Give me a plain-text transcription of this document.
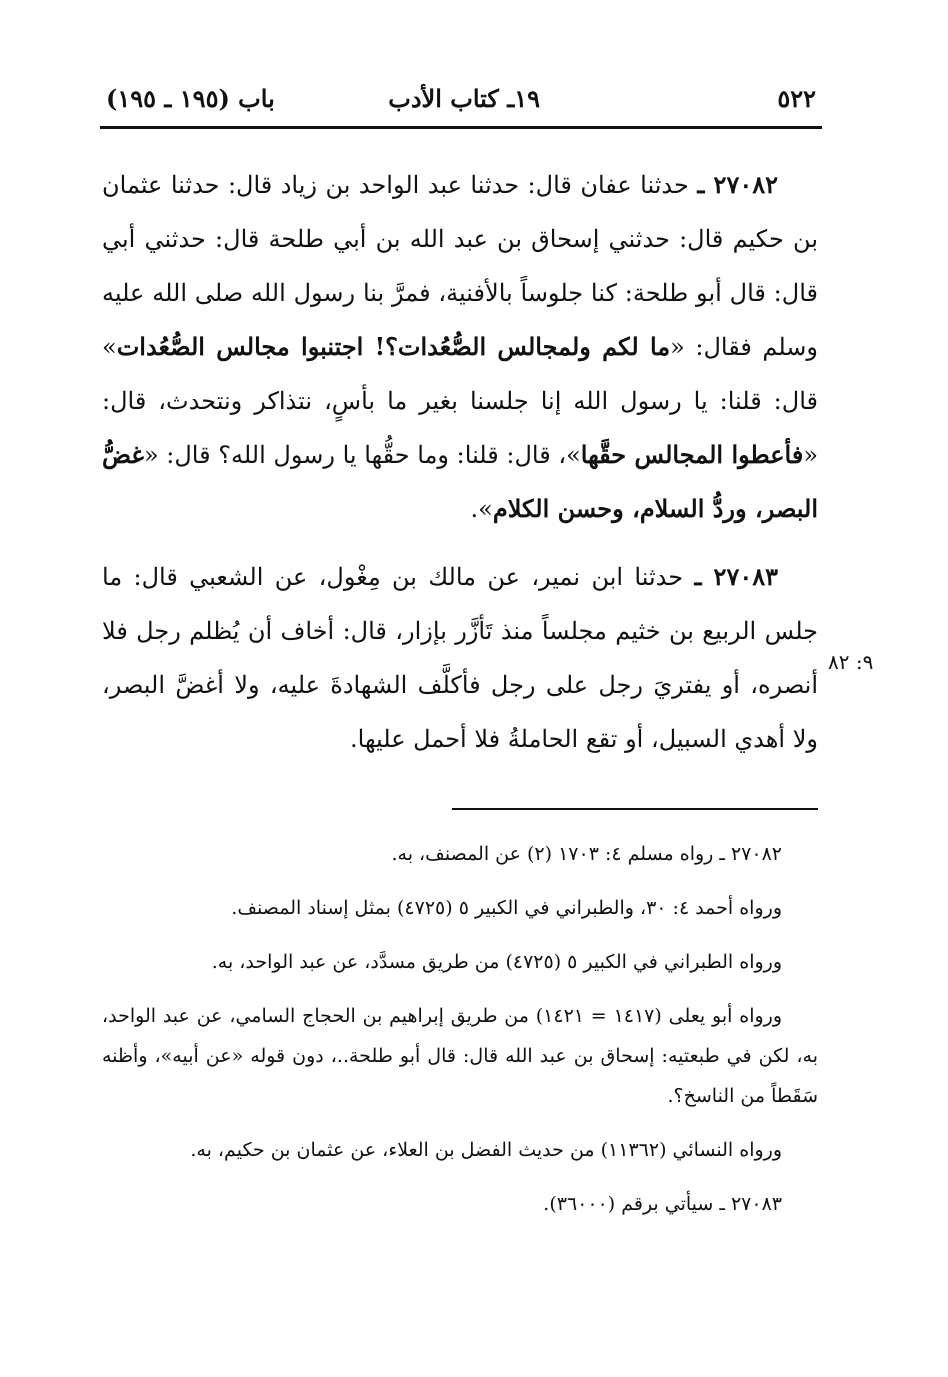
٥٢٢
١٩ـ كتاب الأدب
باب (١٩٥ ـ ١٩٥)

٢٧٠٨٢ ـ حدثنا عفان قال: حدثنا عبد الواحد بن زياد قال: حدثنا عثمان بن حكيم قال: حدثني إسحاق بن عبد الله بن أبي طلحة قال: حدثني أبي قال: قال أبو طلحة: كنا جلوساً بالأفنية، فمرَّ بنا رسول الله صلى الله عليه وسلم فقال: «ما لكم ولمجالس الصُّعُدات؟! اجتنبوا مجالس الصُّعُدات» قال: قلنا: يا رسول الله إنا جلسنا بغير ما بأسٍ، نتذاكر ونتحدث، قال: «فأعطوا المجالس حقَّها»، قال: قلنا: وما حقُّها يا رسول الله؟ قال: «غضُّ البصر، وردُّ السلام، وحسن الكلام».

٢٧٠٨٣ ـ حدثنا ابن نمير، عن مالك بن مِغْول، عن الشعبي قال: ما جلس الربيع بن خثيم مجلساً منذ تَأزَّر بإزار، قال: أخاف أن يُظلم رجل فلا أنصره، أو يفتريَ رجل على رجل فأكلَّف الشهادةَ عليه، ولا أغضَّ البصر، ولا أهدي السبيل، أو تقع الحاملةُ فلا أحمل عليها.

٩: ٨٢

٢٧٠٨٢ ـ رواه مسلم ٤: ١٧٠٣ (٢) عن المصنف، به.

ورواه أحمد ٤: ٣٠، والطبراني في الكبير ٥ (٤٧٢٥) بمثل إسناد المصنف.

ورواه الطبراني في الكبير ٥ (٤٧٢٥) من طريق مسدَّد، عن عبد الواحد، به.

ورواه أبو يعلى (١٤١٧ = ١٤٢١) من طريق إبراهيم بن الحجاج السامي، عن عبد الواحد، به، لكن في طبعتيه: إسحاق بن عبد الله قال: قال أبو طلحة..، دون قوله «عن أبيه»، وأظنه سَقَطاً من الناسخ؟.

ورواه النسائي (١١٣٦٢) من حديث الفضل بن العلاء، عن عثمان بن حكيم، به.

٢٧٠٨٣ ـ سيأتي برقم (٣٦٠٠٠).
